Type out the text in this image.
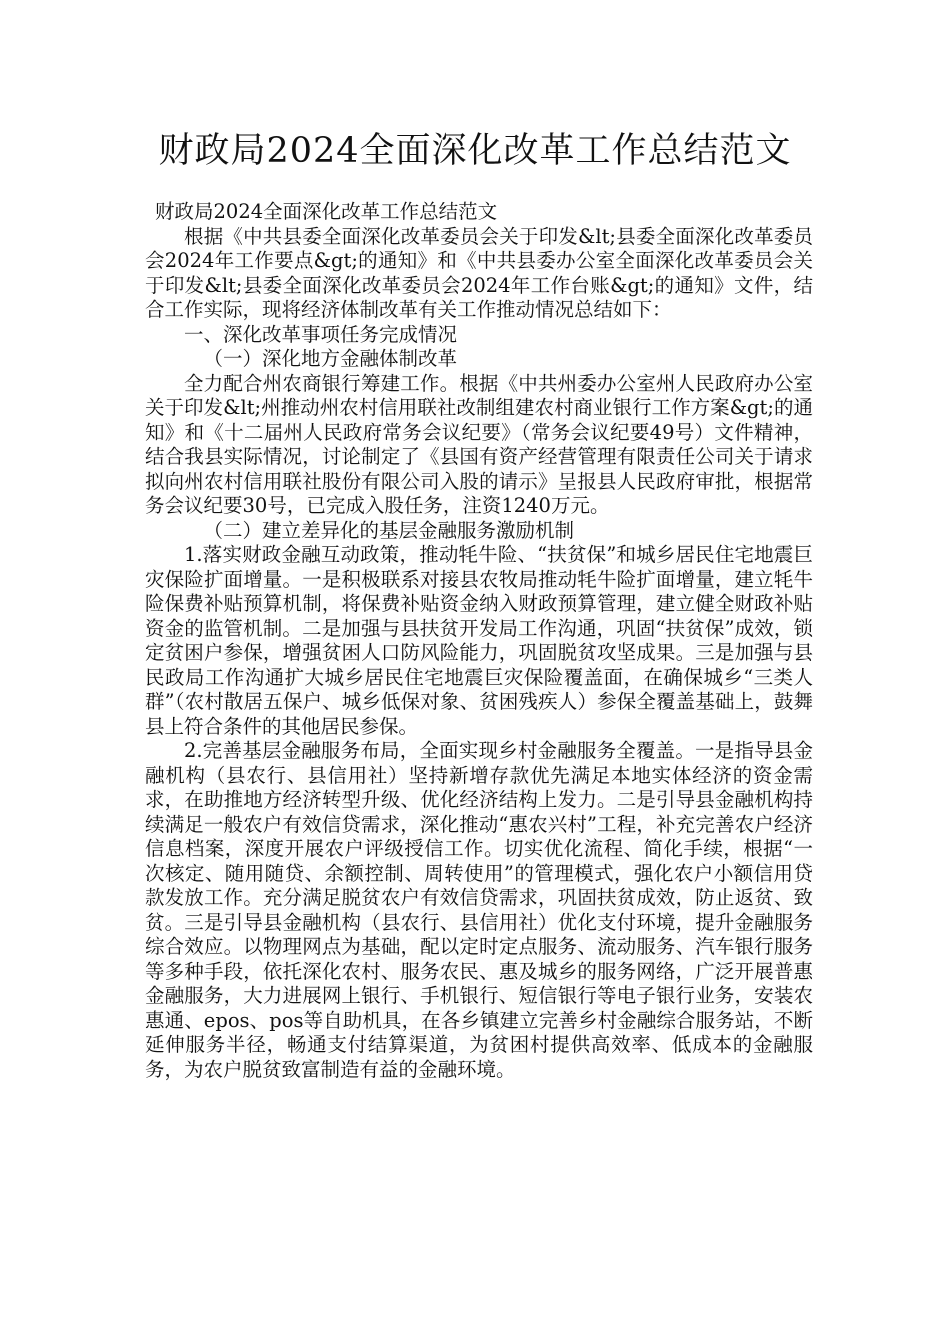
财政局2024全面深化改革工作总结范文

财政局2024全面深化改革工作总结范文

根据《中共县委全面深化改革委员会关于印发&lt;县委全面深化改革委员会2024年工作要点&gt;的通知》和《中共县委办公室全面深化改革委员会关于印发&lt;县委全面深化改革委员会2024年工作台账&gt;的通知》文件，结合工作实际，现将经济体制改革有关工作推动情况总结如下：

一、深化改革事项任务完成情况

（一）深化地方金融体制改革

全力配合州农商银行筹建工作。根据《中共州委办公室州人民政府办公室关于印发&lt;州推动州农村信用联社改制组建农村商业银行工作方案&gt;的通知》和《十二届州人民政府常务会议纪要》（常务会议纪要49号）文件精神，结合我县实际情况，讨论制定了《县国有资产经营管理有限责任公司关于请求拟向州农村信用联社股份有限公司入股的请示》呈报县人民政府审批，根据常务会议纪要30号，已完成入股任务，注资1240万元。

（二）建立差异化的基层金融服务激励机制

1.落实财政金融互动政策，推动牦牛险、“扶贫保”和城乡居民住宅地震巨灾保险扩面增量。一是积极联系对接县农牧局推动牦牛险扩面增量，建立牦牛险保费补贴预算机制，将保费补贴资金纳入财政预算管理，建立健全财政补贴资金的监管机制。二是加强与县扶贫开发局工作沟通，巩固“扶贫保”成效，锁定贫困户参保，增强贫困人口防风险能力，巩固脱贫攻坚成果。三是加强与县民政局工作沟通扩大城乡居民住宅地震巨灾保险覆盖面，在确保城乡“三类人群”（农村散居五保户、城乡低保对象、贫困残疾人）参保全覆盖基础上，鼓舞县上符合条件的其他居民参保。

2.完善基层金融服务布局，全面实现乡村金融服务全覆盖。一是指导县金融机构（县农行、县信用社）坚持新增存款优先满足本地实体经济的资金需求，在助推地方经济转型升级、优化经济结构上发力。二是引导县金融机构持续满足一般农户有效信贷需求，深化推动“惠农兴村”工程，补充完善农户经济信息档案，深度开展农户评级授信工作。切实优化流程、简化手续，根据“一次核定、随用随贷、余额控制、周转使用”的管理模式，强化农户小额信用贷款发放工作。充分满足脱贫农户有效信贷需求，巩固扶贫成效，防止返贫、致贫。三是引导县金融机构（县农行、县信用社）优化支付环境，提升金融服务综合效应。以物理网点为基础，配以定时定点服务、流动服务、汽车银行服务等多种手段，依托深化农村、服务农民、惠及城乡的服务网络，广泛开展普惠金融服务，大力进展网上银行、手机银行、短信银行等电子银行业务，安装农惠通、epos、pos等自助机具，在各乡镇建立完善乡村金融综合服务站，不断延伸服务半径，畅通支付结算渠道，为贫困村提供高效率、低成本的金融服务，为农户脱贫致富制造有益的金融环境。
